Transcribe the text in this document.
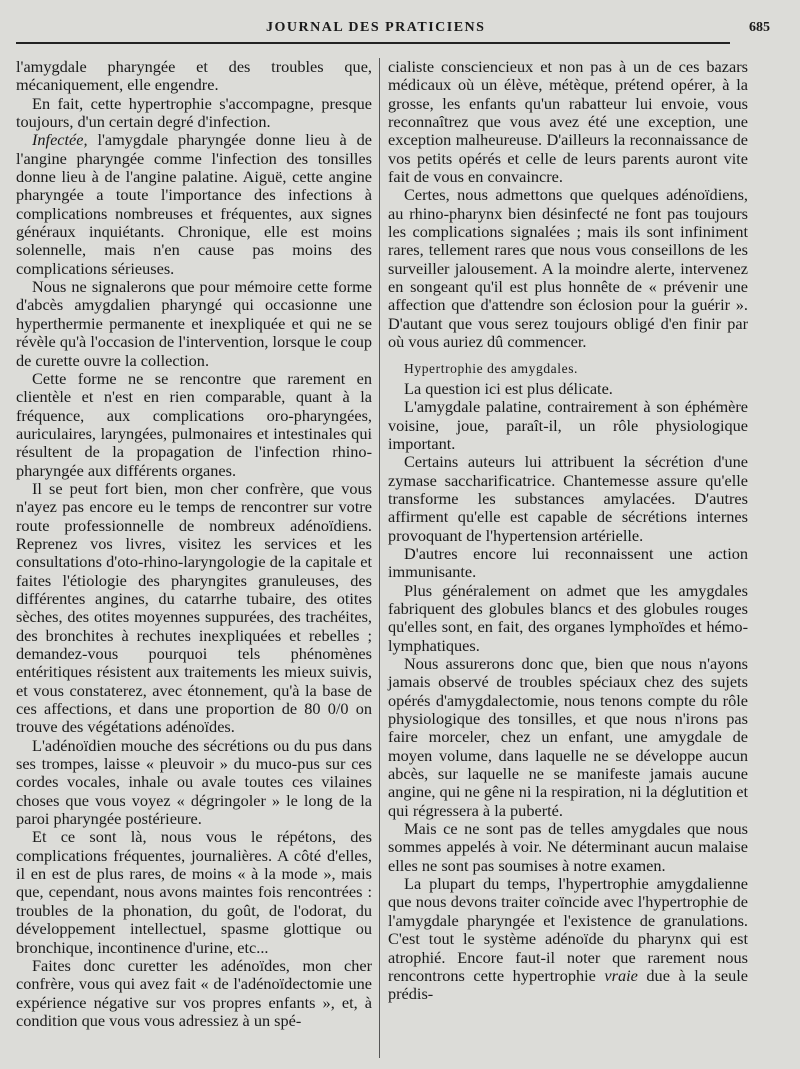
JOURNAL DES PRATICIENS	685

l'amygdale pharyngée et des troubles que, mécaniquement, elle engendre.

En fait, cette hypertrophie s'accompagne, presque toujours, d'un certain degré d'infection.

Infectée, l'amygdale pharyngée donne lieu à de l'angine pharyngée comme l'infection des tonsilles donne lieu à de l'angine palatine. Aiguë, cette angine pharyngée a toute l'importance des infections à complications nombreuses et fréquentes, aux signes généraux inquiétants. Chronique, elle est moins solennelle, mais n'en cause pas moins des complications sérieuses.

Nous ne signalerons que pour mémoire cette forme d'abcès amygdalien pharyngé qui occasionne une hyperthermie permanente et inexpliquée et qui ne se révèle qu'à l'occasion de l'intervention, lorsque le coup de curette ouvre la collection.

Cette forme ne se rencontre que rarement en clientèle et n'est en rien comparable, quant à la fréquence, aux complications oro-pharyngées, auriculaires, laryngées, pulmonaires et intestinales qui résultent de la propagation de l'infection rhino-pharyngée aux différents organes.

Il se peut fort bien, mon cher confrère, que vous n'ayez pas encore eu le temps de rencontrer sur votre route professionnelle de nombreux adénoïdiens. Reprenez vos livres, visitez les services et les consultations d'oto-rhino-laryngologie de la capitale et faites l'étiologie des pharyngites granuleuses, des différentes angines, du catarrhe tubaire, des otites sèches, des otites moyennes suppurées, des trachéites, des bronchites à rechutes inexpliquées et rebelles ; demandez-vous pourquoi tels phénomènes entéritiques résistent aux traitements les mieux suivis, et vous constaterez, avec étonnement, qu'à la base de ces affections, et dans une proportion de 80 0/0 on trouve des végétations adénoïdes.

L'adénoïdien mouche des sécrétions ou du pus dans ses trompes, laisse « pleuvoir » du muco-pus sur ces cordes vocales, inhale ou avale toutes ces vilaines choses que vous voyez « dégringoler » le long de la paroi pharyngée postérieure.

Et ce sont là, nous vous le répétons, des complications fréquentes, journalières. A côté d'elles, il en est de plus rares, de moins « à la mode », mais que, cependant, nous avons maintes fois rencontrées : troubles de la phonation, du goût, de l'odorat, du développement intellectuel, spasme glottique ou bronchique, incontinence d'urine, etc...

Faites donc curetter les adénoïdes, mon cher confrère, vous qui avez fait « de l'adénoïdectomie une expérience négative sur vos propres enfants », et, à condition que vous vous adressiez à un spé-

cialiste consciencieux et non pas à un de ces bazars médicaux où un élève, métèque, prétend opérer, à la grosse, les enfants qu'un rabatteur lui envoie, vous reconnaîtrez que vous avez été une exception, une exception malheureuse. D'ailleurs la reconnaissance de vos petits opérés et celle de leurs parents auront vite fait de vous en convaincre.

Certes, nous admettons que quelques adénoïdiens, au rhino-pharynx bien désinfecté ne font pas toujours les complications signalées ; mais ils sont infiniment rares, tellement rares que nous vous conseillons de les surveiller jalousement. A la moindre alerte, intervenez en songeant qu'il est plus honnête de « prévenir une affection que d'attendre son éclosion pour la guérir ». D'autant que vous serez toujours obligé d'en finir par où vous auriez dû commencer.

Hypertrophie des amygdales.

La question ici est plus délicate.

L'amygdale palatine, contrairement à son éphémère voisine, joue, paraît-il, un rôle physiologique important.

Certains auteurs lui attribuent la sécrétion d'une zymase saccharificatrice. Chantemesse assure qu'elle transforme les substances amylacées. D'autres affirment qu'elle est capable de sécrétions internes provoquant de l'hypertension artérielle.

D'autres encore lui reconnaissent une action immunisante.

Plus généralement on admet que les amygdales fabriquent des globules blancs et des globules rouges qu'elles sont, en fait, des organes lymphoïdes et hémo-lymphatiques.

Nous assurerons donc que, bien que nous n'ayons jamais observé de troubles spéciaux chez des sujets opérés d'amygdalectomie, nous tenons compte du rôle physiologique des tonsilles, et que nous n'irons pas faire morceler, chez un enfant, une amygdale de moyen volume, dans laquelle ne se développe aucun abcès, sur laquelle ne se manifeste jamais aucune angine, qui ne gêne ni la respiration, ni la déglutition et qui régressera à la puberté.

Mais ce ne sont pas de telles amygdales que nous sommes appelés à voir. Ne déterminant aucun malaise elles ne sont pas soumises à notre examen.

La plupart du temps, l'hypertrophie amygdalienne que nous devons traiter coïncide avec l'hypertrophie de l'amygdale pharyngée et l'existence de granulations. C'est tout le système adénoïde du pharynx qui est atrophié. Encore faut-il noter que rarement nous rencontrons cette hypertrophie vraie due à la seule prédis-
